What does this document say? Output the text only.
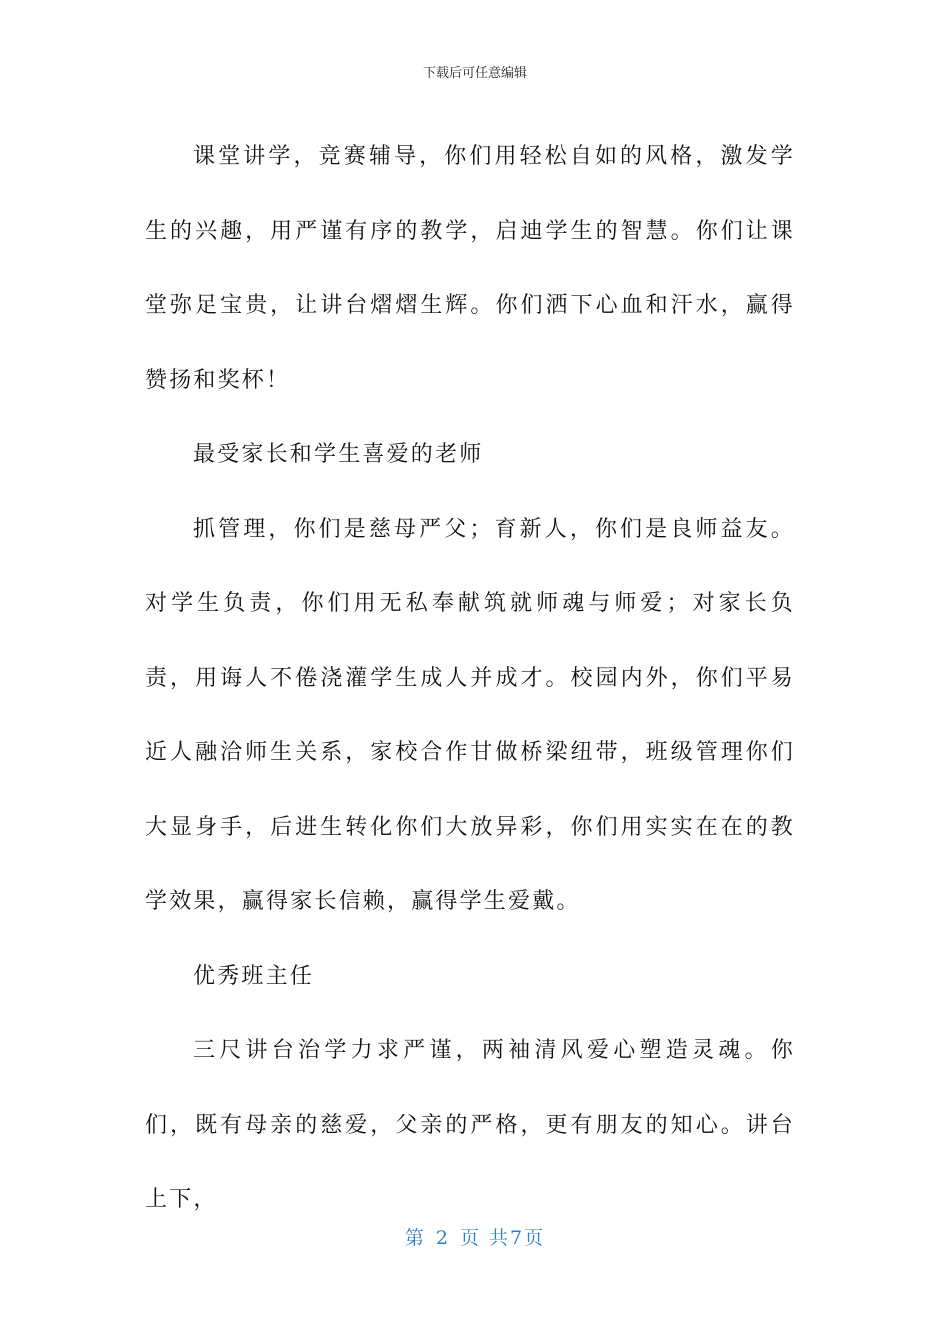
下载后可任意编辑

课堂讲学，竞赛辅导，你们用轻松自如的风格，激发学生的兴趣，用严谨有序的教学，启迪学生的智慧。你们让课堂弥足宝贵，让讲台熠熠生辉。你们洒下心血和汗水，赢得赞扬和奖杯！

最受家长和学生喜爱的老师

抓管理，你们是慈母严父；育新人，你们是良师益友。对学生负责，你们用无私奉献筑就师魂与师爱；对家长负责，用诲人不倦浇灌学生成人并成才。校园内外，你们平易近人融洽师生关系，家校合作甘做桥梁纽带，班级管理你们大显身手，后进生转化你们大放异彩，你们用实实在在的教学效果，赢得家长信赖，赢得学生爱戴。

优秀班主任

三尺讲台治学力求严谨，两袖清风爱心塑造灵魂。你们，既有母亲的慈爱，父亲的严格，更有朋友的知心。讲台上下，

第 2 页 共7页
